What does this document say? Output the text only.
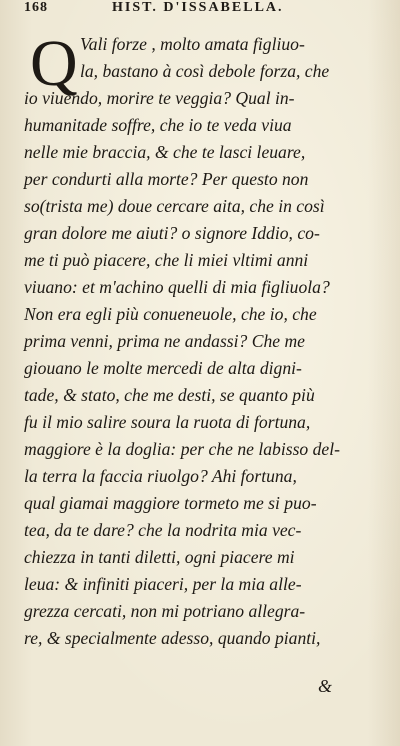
168	HIST. D'ISSABELLA.
Q Vali forze , molto amata figliuo-
la, bastano à così debole forza, che
io viuendo, morire te veggia? Qual in-
humanitade soffre, che io te veda viua
nelle mie braccia, & che te lasci leuare,
per condurti alla morte? Per questo non
so(trista me) doue cercare aita, che in così
gran dolore me aiuti? o signore Iddio, co-
me ti può piacere, che li miei vltimi anni
viuano: et m'achino quelli di mia figliuola?
Non era egli più conueneuole, che io, che
prima venni, prima ne andassi? Che me
giouano le molte mercedi de alta digni-
tade, & stato, che me desti, se quanto più
fu il mio salire soura la ruota di fortuna,
maggiore è la doglia: per che ne labisso del-
la terra la faccia riuolgo? Ahi fortuna,
qual giamai maggiore tormeto me si puo-
tea, da te dare? che la nodrita mia vec-
chiezza in tanti diletti, ogni piacere mi
leua: & infiniti piaceri, per la mia alle-
grezza cercati, non mi potriano allegra-
re, & specialmente adesso, quando pianti,
&
